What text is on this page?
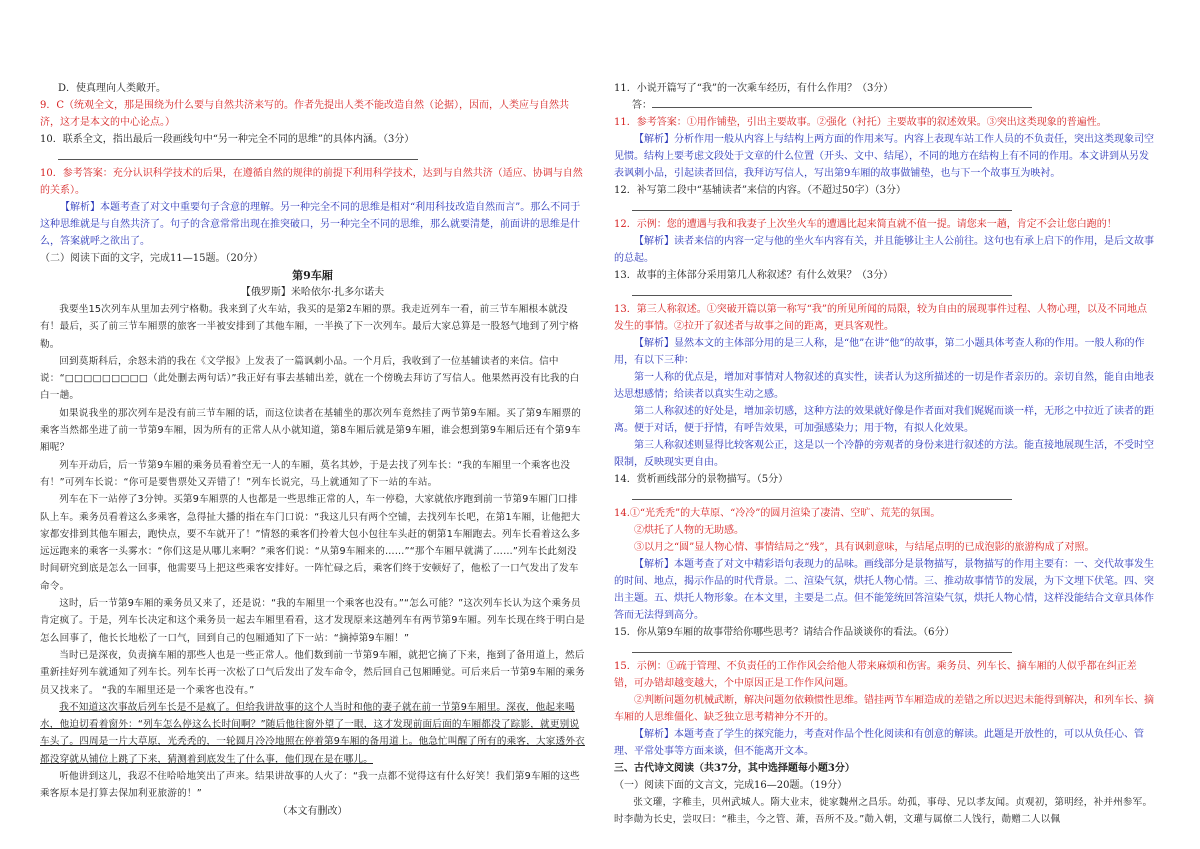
D．使真理向人类敞开。

9．C（统观全文，那是围绕为什么要与自然共济来写的。作者先提出人类不能改造自然（论据），因而，人类应与自然共济，这才是本文的中心论点。）

10．联系全文，指出最后一段画线句中“另一种完全不同的思维”的具体内涵。（3分）

10．参考答案：充分认识科学技术的后果，在遵循自然的规律的前提下利用科学技术，达到与自然共济（适应、协调与自然的关系）。

【解析】本题考查了对文中重要句子含意的理解。另一种完全不同的思维是相对“利用科技改造自然而言”。那么不同于这种思维就是与自然共济了。句子的含意常常出现在推突破口，另一种完全不同的思维，那么就要清楚，前面讲的思维是什么，答案就呼之欲出了。

（二）阅读下面的文字，完成11—15题。（20分）

第9车厢

【俄罗斯】米哈依尔·扎多尔诺夫

我要坐15次列车从里加去列宁格勒。我来到了火车站，我买的是第2车厢的票。我走近列车一看，前三节车厢根本就没有！最后，买了前三节车厢票的旅客一半被安排到了其他车厢，一半换了下一次列车。最后大家总算是一股怒气地到了列宁格勒。

回到莫斯科后，余怒未消的我在《文学报》上发表了一篇讽刺小品。一个月后，我收到了一位基辅读者的来信。信中说：“□□□□□□□□□（此处删去两句话）”我正好有事去基辅出差，就在一个傍晚去拜访了写信人。他果然再没有比我的白白一趟。

如果说我坐的那次列车是没有前三节车厢的话，而这位读者在基辅坐的那次列车竟然挂了两节第9车厢。买了第9车厢票的乘客当然都坐进了前一节第9车厢，因为所有的正常人从小就知道，第8车厢后就是第9车厢，谁会想到第9车厢后还有个第9车厢呢？

列车开动后，后一节第9车厢的乘务员看着空无一人的车厢，莫名其妙，于是去找了列车长：“我的车厢里一个乘客也没有！”可列车长说：“你可是要售票处又弄错了！”列车长说完，马上就通知了下一站的车站。

列车在下一站停了3分钟。买第9车厢票的人也都是一些思维正常的人，车一停稳，大家就依序跑到前一节第9车厢门口排队上车。乘务员看着这么多乘客，急得扯大播的指在车门口说：“我这儿只有两个空铺，去找列车长吧，在第1车厢，让他把大家都安排到其他车厢去，跑快点，要不车就开了！”情怒的乘客们拎着大包小包往车头赶的朝第1车厢跑去。列车长看着这么多远远跑来的乘客一头雾水：“你们这是从哪儿来啊？”乘客们说：“从第9车厢来的……”“那个车厢早就满了……”列车长此刻没时间研究到底是怎么一回事，他需要马上把这些乘客安排好。一阵忙碌之后，乘客们终于安顿好了，他松了一口气发出了发车命令。

这时，后一节第9车厢的乘务员又来了，还是说：“我的车厢里一个乘客也没有。”“怎么可能？”这次列车长认为这个乘务员肯定疯了。于是，列车长决定和这个乘务员一起去车厢里看看，这才发现原来这趟列车有两节第9车厢。列车长现在终于明白是怎么回事了，他长长地松了一口气，回到自己的包厢通知了下一站：“摘掉第9车厢！”

当时已是深夜，负责摘车厢的那些人也是一些正常人。他们数到前一节第9车厢，就把它摘了下来，拖到了备用道上，然后重新挂好列车就通知了列车长。列车长再一次松了口气后发出了发车命令，然后回自己包厢睡觉。可后来后一节第9车厢的乘务员又找来了。 “我的车厢里还是一个乘客也没有。”

我不知道这次事故后列车长是不是疯了。但给我讲故事的这个人当时和他的妻子就在前一节第9车厢里。深夜，他起来喝水，他迫切看着窗外：“列车怎么停这么长时间啊？”随后他往窗外望了一眼，这才发现前面后面的车厢都没了踪影，就更别说车头了。四周是一片大草原，光秃秃的，一轮圆月冷冷地照在停着第9车厢的备用道上。他急忙叫醒了所有的乘客，大家透外衣都没穿就从铺位上跳了下来，猜测着到底发生了什么事，他们现在是在哪儿。

听他讲到这儿，我忍不住哈哈地笑出了声来。结果讲故事的人火了：“我一点都不觉得这有什么好笑！我们第9车厢的这些乘客原本是打算去保加利亚旅游的！”

（本文有删改）

11．小说开篇写了“我”的一次乘车经历，有什么作用？（3分）

答：

11．参考答案：①用作铺垫，引出主要故事。②强化（衬托）主要故事的叙述效果。③突出这类现象的普遍性。

【解析】分析作用一般从内容上与结构上两方面的作用来写。内容上表现车站工作人员的不负责任，突出这类现象司空见惯。结构上要考虑文段处于文章的什么位置（开头、文中、结尾），不同的地方在结构上有不同的作用。本文讲到从另发表讽刺小品，引起读者回信，我拜访写信人，写出第9车厢的故事做铺垫，也与下一个故事互为映衬。

12．补写第二段中“基辅读者”来信的内容。（不超过50字）（3分）

12．示例：您的遭遇与我和我妻子上次坐火车的遭遇比起来简直就不值一提。请您来一趟，肯定不会让您白跑的！

【解析】读者来信的内容一定与他的坐火车内容有关，并且能够让主人公前往。这句也有承上启下的作用，是后文故事的总起。

13．故事的主体部分采用第几人称叙述？有什么效果？（3分）

13．第三人称叙述。①突破开篇以第一称写“我”的所见所闻的局限，较为自由的展现事件过程、人物心理，以及不同地点发生的事情。②拉开了叙述者与故事之间的距离，更具客观性。

【解析】显然本文的主体部分用的是三人称，是“他”在讲“他”的故事，第二小题具体考查人称的作用。一般人称的作用，有以下三种：

第一人称的优点是，增加对事情对人物叙述的真实性，读者认为这所描述的一切是作者亲历的。亲切自然，能自由地表达思想感情；给读者以真实生动之感。

第二人称叙述的好处是，增加亲切感，这种方法的效果就好像是作者面对我们娓娓而谈一样，无形之中拉近了读者的距离。便于对话，便于抒情，有呼告效果，可加强感染力；用于物，有拟人化效果。

第三人称叙述则显得比较客观公正，这是以一个冷静的旁观者的身份来进行叙述的方法。能直接地展现生活，不受时空限制，反映现实更自由。

14．赏析画线部分的景物描写。（5分）

14.①“光秃秃”的大草原、“冷冷”的圆月渲染了凄清、空旷、荒芜的氛围。

②烘托了人物的无助感。

③以月之“圆”显人物心情、事情结局之“残”，具有讽刺意味，与结尾点明的已成泡影的旅游构成了对照。

【解析】本题考查了对文中精彩语句表现力的品味。画线部分是景物描写，景物描写的作用主要有：一、交代故事发生的时间、地点，揭示作品的时代背景。二、渲染气氛，烘托人物心情。三、推动故事情节的发展，为下文埋下伏笔。四、突出主题。五、烘托人物形象。在本文里，主要是二点。但不能笼统回答渲染气氛，烘托人物心情，这样没能结合文章具体作答而无法得到高分。

15．你从第9车厢的故事带给你哪些思考？请结合作品谈谈你的看法。（6分）

15．示例：①疏于管理、不负责任的工作作风会给他人带来麻烦和伤害。乘务员、列车长、摘车厢的人似乎都在纠正差错，可办错却越变越大，个中原因正是工作作风问题。

②判断问题勿机械武断，解决问题勿依赖惯性思维。错挂两节车厢造成的差错之所以迟迟未能得到解决，和列车长、摘车厢的人思维僵化、缺乏独立思考精神分不开的。

【解析】本题考查了学生的探究能力，考查对作品个性化阅读和有创意的解读。此题是开放性的，可以从负任心、管理、平常处事等方面来谈，但不能离开文本。

三、古代诗文阅读（共37分，其中选择题每小题3分）

（一）阅读下面的文言文，完成16—20题。（19分）

张文瓘，字稚圭，贝州武城人。隋大业末，徙家魏州之昌乐。幼孤，事母、兄以孝友闻。贞观初，第明经，补并州参军。时李勣为长史，尝叹曰：“稚圭，今之管、萧，吾所不及。”勣入朝，文瓘与属僚二人饯行，勣赠二人以佩
